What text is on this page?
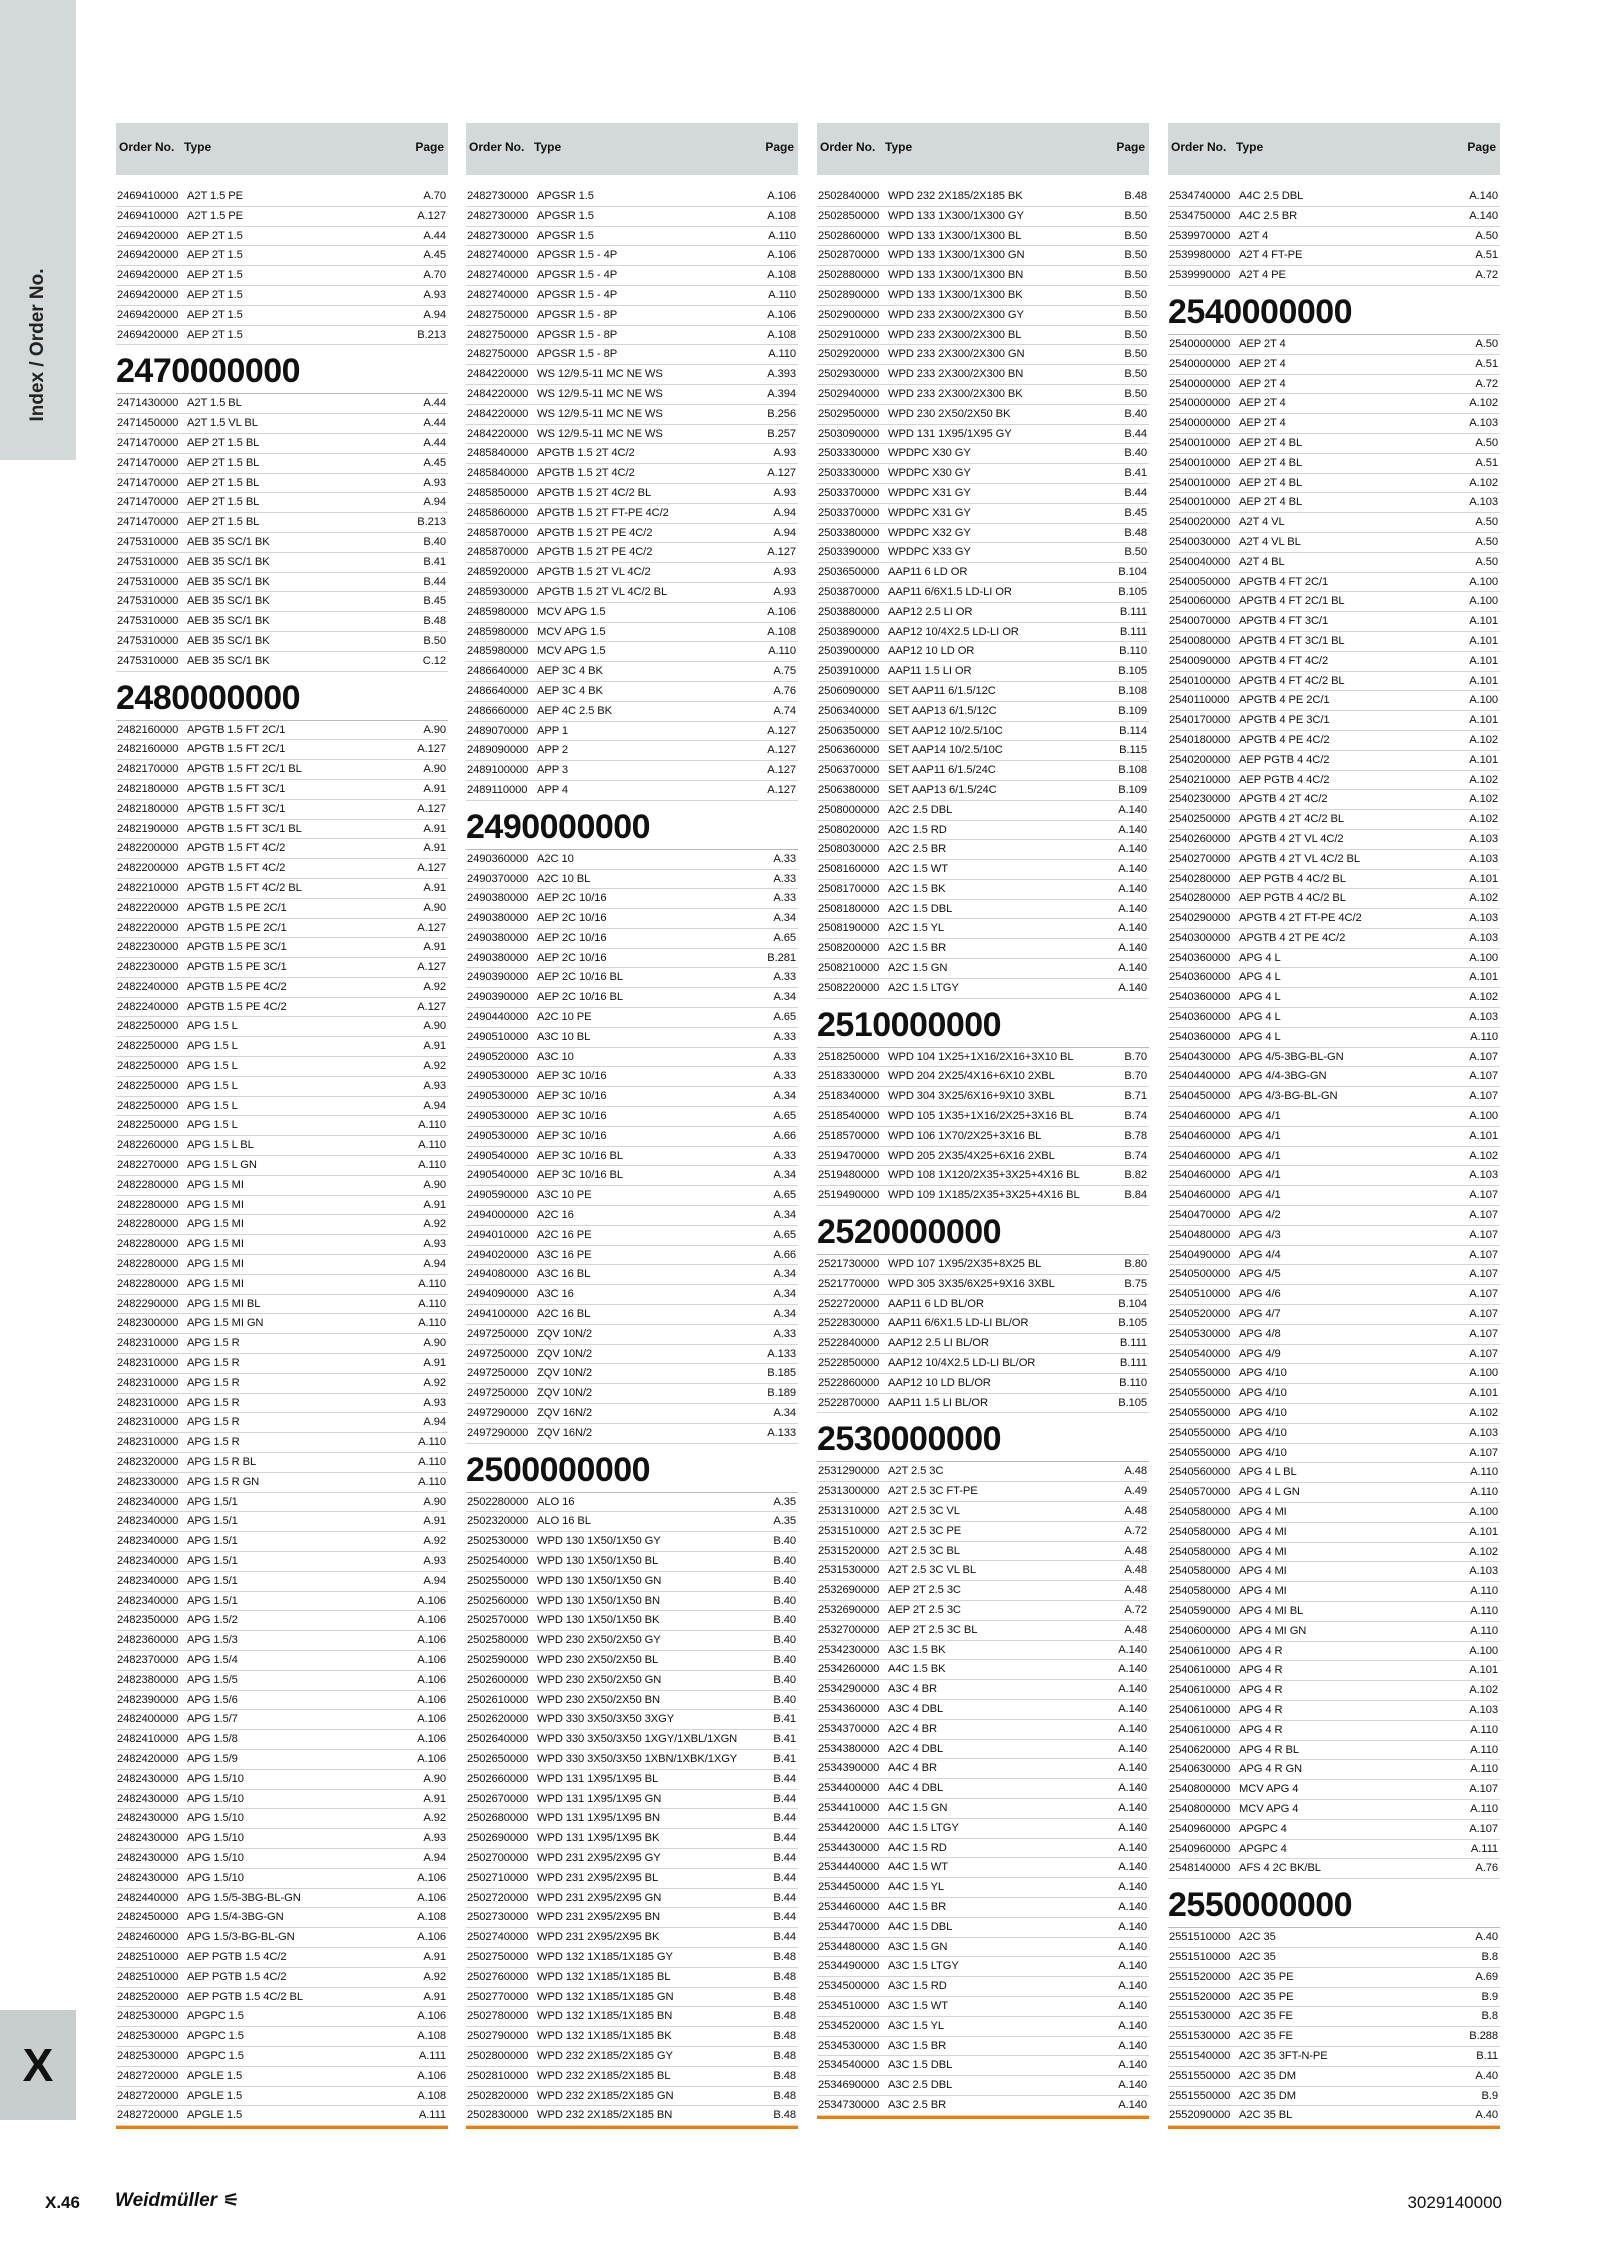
Index / Order No.
X
Order No. Type	Page
2469410000 A2T 1.5 PE	A.70
2469410000 A2T 1.5 PE	A.127
2469420000 AEP 2T 1.5	A.44
2469420000 AEP 2T 1.5	A.45
2469420000 AEP 2T 1.5	A.70
2469420000 AEP 2T 1.5	A.93
2469420000 AEP 2T 1.5	A.94
2469420000 AEP 2T 1.5	B.213
2470000000
2471430000 A2T 1.5 BL	A.44
2471450000 A2T 1.5 VL BL	A.44
2471470000 AEP 2T 1.5 BL	A.44
2471470000 AEP 2T 1.5 BL	A.45
2471470000 AEP 2T 1.5 BL	A.93
2471470000 AEP 2T 1.5 BL	A.94
2471470000 AEP 2T 1.5 BL	B.213
2475310000 AEB 35 SC/1 BK	B.40
2475310000 AEB 35 SC/1 BK	B.41
2475310000 AEB 35 SC/1 BK	B.44
2475310000 AEB 35 SC/1 BK	B.45
2475310000 AEB 35 SC/1 BK	B.48
2475310000 AEB 35 SC/1 BK	B.50
2475310000 AEB 35 SC/1 BK	C.12
2480000000
2482160000 APGTB 1.5 FT 2C/1	A.90
2482160000 APGTB 1.5 FT 2C/1	A.127
2482170000 APGTB 1.5 FT 2C/1 BL	A.90
2482180000 APGTB 1.5 FT 3C/1	A.91
2482180000 APGTB 1.5 FT 3C/1	A.127
2482190000 APGTB 1.5 FT 3C/1 BL	A.91
2482200000 APGTB 1.5 FT 4C/2	A.91
2482200000 APGTB 1.5 FT 4C/2	A.127
2482210000 APGTB 1.5 FT 4C/2 BL	A.91
2482220000 APGTB 1.5 PE 2C/1	A.90
2482220000 APGTB 1.5 PE 2C/1	A.127
2482230000 APGTB 1.5 PE 3C/1	A.91
2482230000 APGTB 1.5 PE 3C/1	A.127
2482240000 APGTB 1.5 PE 4C/2	A.92
2482240000 APGTB 1.5 PE 4C/2	A.127
2482250000 APG 1.5 L	A.90
2482250000 APG 1.5 L	A.91
2482250000 APG 1.5 L	A.92
2482250000 APG 1.5 L	A.93
2482250000 APG 1.5 L	A.94
2482250000 APG 1.5 L	A.110
2482260000 APG 1.5 L BL	A.110
2482270000 APG 1.5 L GN	A.110
2482280000 APG 1.5 MI	A.90
2482280000 APG 1.5 MI	A.91
2482280000 APG 1.5 MI	A.92
2482280000 APG 1.5 MI	A.93
2482280000 APG 1.5 MI	A.94
2482280000 APG 1.5 MI	A.110
2482290000 APG 1.5 MI BL	A.110
2482300000 APG 1.5 MI GN	A.110
2482310000 APG 1.5 R	A.90
2482310000 APG 1.5 R	A.91
2482310000 APG 1.5 R	A.92
2482310000 APG 1.5 R	A.93
2482310000 APG 1.5 R	A.94
2482310000 APG 1.5 R	A.110
2482320000 APG 1.5 R BL	A.110
2482330000 APG 1.5 R GN	A.110
2482340000 APG 1.5/1	A.90
2482340000 APG 1.5/1	A.91
2482340000 APG 1.5/1	A.92
2482340000 APG 1.5/1	A.93
2482340000 APG 1.5/1	A.94
2482340000 APG 1.5/1	A.106
2482350000 APG 1.5/2	A.106
2482360000 APG 1.5/3	A.106
2482370000 APG 1.5/4	A.106
2482380000 APG 1.5/5	A.106
2482390000 APG 1.5/6	A.106
2482400000 APG 1.5/7	A.106
2482410000 APG 1.5/8	A.106
2482420000 APG 1.5/9	A.106
2482430000 APG 1.5/10	A.90
2482430000 APG 1.5/10	A.91
2482430000 APG 1.5/10	A.92
2482430000 APG 1.5/10	A.93
2482430000 APG 1.5/10	A.94
2482430000 APG 1.5/10	A.106
2482440000 APG 1.5/5-3BG-BL-GN	A.106
2482450000 APG 1.5/4-3BG-GN	A.108
2482460000 APG 1.5/3-BG-BL-GN	A.106
2482510000 AEP PGTB 1.5 4C/2	A.91
2482510000 AEP PGTB 1.5 4C/2	A.92
2482520000 AEP PGTB 1.5 4C/2 BL	A.91
2482530000 APGPC 1.5	A.106
2482530000 APGPC 1.5	A.108
2482530000 APGPC 1.5	A.111
2482720000 APGLE 1.5	A.106
2482720000 APGLE 1.5	A.108
2482720000 APGLE 1.5	A.111
Order No. Type	Page
2482730000 APGSR 1.5	A.106
2482730000 APGSR 1.5	A.108
2482730000 APGSR 1.5	A.110
2482740000 APGSR 1.5 - 4P	A.106
2482740000 APGSR 1.5 - 4P	A.108
2482740000 APGSR 1.5 - 4P	A.110
2482750000 APGSR 1.5 - 8P	A.106
2482750000 APGSR 1.5 - 8P	A.108
2482750000 APGSR 1.5 - 8P	A.110
2484220000 WS 12/9.5-11 MC NE WS	A.393
2484220000 WS 12/9.5-11 MC NE WS	A.394
2484220000 WS 12/9.5-11 MC NE WS	B.256
2484220000 WS 12/9.5-11 MC NE WS	B.257
2485840000 APGTB 1.5 2T 4C/2	A.93
2485840000 APGTB 1.5 2T 4C/2	A.127
2485850000 APGTB 1.5 2T 4C/2 BL	A.93
2485860000 APGTB 1.5 2T FT-PE 4C/2	A.94
2485870000 APGTB 1.5 2T PE 4C/2	A.94
2485870000 APGTB 1.5 2T PE 4C/2	A.127
2485920000 APGTB 1.5 2T VL 4C/2	A.93
2485930000 APGTB 1.5 2T VL 4C/2 BL	A.93
2485980000 MCV APG 1.5	A.106
2485980000 MCV APG 1.5	A.108
2485980000 MCV APG 1.5	A.110
2486640000 AEP 3C 4 BK	A.75
2486640000 AEP 3C 4 BK	A.76
2486660000 AEP 4C 2.5 BK	A.74
2489070000 APP 1	A.127
2489090000 APP 2	A.127
2489100000 APP 3	A.127
2489110000 APP 4	A.127
2490000000
2490360000 A2C 10	A.33
2490370000 A2C 10 BL	A.33
2490380000 AEP 2C 10/16	A.33
2490380000 AEP 2C 10/16	A.34
2490380000 AEP 2C 10/16	A.65
2490380000 AEP 2C 10/16	B.281
2490390000 AEP 2C 10/16 BL	A.33
2490390000 AEP 2C 10/16 BL	A.34
2490440000 A2C 10 PE	A.65
2490510000 A3C 10 BL	A.33
2490520000 A3C 10	A.33
2490530000 AEP 3C 10/16	A.33
2490530000 AEP 3C 10/16	A.34
2490530000 AEP 3C 10/16	A.65
2490530000 AEP 3C 10/16	A.66
2490540000 AEP 3C 10/16 BL	A.33
2490540000 AEP 3C 10/16 BL	A.34
2490590000 A3C 10 PE	A.65
2494000000 A2C 16	A.34
2494010000 A2C 16 PE	A.65
2494020000 A3C 16 PE	A.66
2494080000 A3C 16 BL	A.34
2494090000 A3C 16	A.34
2494100000 A2C 16 BL	A.34
2497250000 ZQV 10N/2	A.33
2497250000 ZQV 10N/2	A.133
2497250000 ZQV 10N/2	B.185
2497250000 ZQV 10N/2	B.189
2497290000 ZQV 16N/2	A.34
2497290000 ZQV 16N/2	A.133
2500000000
2502280000 ALO 16	A.35
2502320000 ALO 16 BL	A.35
2502530000 WPD 130 1X50/1X50 GY	B.40
2502540000 WPD 130 1X50/1X50 BL	B.40
2502550000 WPD 130 1X50/1X50 GN	B.40
2502560000 WPD 130 1X50/1X50 BN	B.40
2502570000 WPD 130 1X50/1X50 BK	B.40
2502580000 WPD 230 2X50/2X50 GY	B.40
2502590000 WPD 230 2X50/2X50 BL	B.40
2502600000 WPD 230 2X50/2X50 GN	B.40
2502610000 WPD 230 2X50/2X50 BN	B.40
2502620000 WPD 330 3X50/3X50 3XGY	B.41
2502640000 WPD 330 3X50/3X50 1XGY/1XBL/1XGN	B.41
2502650000 WPD 330 3X50/3X50 1XBN/1XBK/1XGY	B.41
2502660000 WPD 131 1X95/1X95 BL	B.44
2502670000 WPD 131 1X95/1X95 GN	B.44
2502680000 WPD 131 1X95/1X95 BN	B.44
2502690000 WPD 131 1X95/1X95 BK	B.44
2502700000 WPD 231 2X95/2X95 GY	B.44
2502710000 WPD 231 2X95/2X95 BL	B.44
2502720000 WPD 231 2X95/2X95 GN	B.44
2502730000 WPD 231 2X95/2X95 BN	B.44
2502740000 WPD 231 2X95/2X95 BK	B.44
2502750000 WPD 132 1X185/1X185 GY	B.48
2502760000 WPD 132 1X185/1X185 BL	B.48
2502770000 WPD 132 1X185/1X185 GN	B.48
2502780000 WPD 132 1X185/1X185 BN	B.48
2502790000 WPD 132 1X185/1X185 BK	B.48
2502800000 WPD 232 2X185/2X185 GY	B.48
2502810000 WPD 232 2X185/2X185 BL	B.48
2502820000 WPD 232 2X185/2X185 GN	B.48
2502830000 WPD 232 2X185/2X185 BN	B.48
Order No. Type	Page
2502840000 WPD 232 2X185/2X185 BK	B.48
2502850000 WPD 133 1X300/1X300 GY	B.50
2502860000 WPD 133 1X300/1X300 BL	B.50
2502870000 WPD 133 1X300/1X300 GN	B.50
2502880000 WPD 133 1X300/1X300 BN	B.50
2502890000 WPD 133 1X300/1X300 BK	B.50
2502900000 WPD 233 2X300/2X300 GY	B.50
2502910000 WPD 233 2X300/2X300 BL	B.50
2502920000 WPD 233 2X300/2X300 GN	B.50
2502930000 WPD 233 2X300/2X300 BN	B.50
2502940000 WPD 233 2X300/2X300 BK	B.50
2502950000 WPD 230 2X50/2X50 BK	B.40
2503090000 WPD 131 1X95/1X95 GY	B.44
2503330000 WPDPC X30 GY	B.40
2503330000 WPDPC X30 GY	B.41
2503370000 WPDPC X31 GY	B.44
2503370000 WPDPC X31 GY	B.45
2503380000 WPDPC X32 GY	B.48
2503390000 WPDPC X33 GY	B.50
2503650000 AAP11 6 LD OR	B.104
2503870000 AAP11 6/6X1.5 LD-LI OR	B.105
2503880000 AAP12 2.5 LI OR	B.111
2503890000 AAP12 10/4X2.5 LD-LI OR	B.111
2503900000 AAP12 10 LD OR	B.110
2503910000 AAP11 1.5 LI OR	B.105
2506090000 SET AAP11 6/1.5/12C	B.108
2506340000 SET AAP13 6/1.5/12C	B.109
2506350000 SET AAP12 10/2.5/10C	B.114
2506360000 SET AAP14 10/2.5/10C	B.115
2506370000 SET AAP11 6/1.5/24C	B.108
2506380000 SET AAP13 6/1.5/24C	B.109
2508000000 A2C 2.5 DBL	A.140
2508020000 A2C 1.5 RD	A.140
2508030000 A2C 2.5 BR	A.140
2508160000 A2C 1.5 WT	A.140
2508170000 A2C 1.5 BK	A.140
2508180000 A2C 1.5 DBL	A.140
2508190000 A2C 1.5 YL	A.140
2508200000 A2C 1.5 BR	A.140
2508210000 A2C 1.5 GN	A.140
2508220000 A2C 1.5 LTGY	A.140
2510000000
2518250000 WPD 104 1X25+1X16/2X16+3X10 BL	B.70
2518330000 WPD 204 2X25/4X16+6X10 2XBL	B.70
2518340000 WPD 304 3X25/6X16+9X10 3XBL	B.71
2518540000 WPD 105 1X35+1X16/2X25+3X16 BL	B.74
2518570000 WPD 106 1X70/2X25+3X16 BL	B.78
2519470000 WPD 205 2X35/4X25+6X16 2XBL	B.74
2519480000 WPD 108 1X120/2X35+3X25+4X16 BL	B.82
2519490000 WPD 109 1X185/2X35+3X25+4X16 BL	B.84
2520000000
2521730000 WPD 107 1X95/2X35+8X25 BL	B.80
2521770000 WPD 305 3X35/6X25+9X16 3XBL	B.75
2522720000 AAP11 6 LD BL/OR	B.104
2522830000 AAP11 6/6X1.5 LD-LI BL/OR	B.105
2522840000 AAP12 2.5 LI BL/OR	B.111
2522850000 AAP12 10/4X2.5 LD-LI BL/OR	B.111
2522860000 AAP12 10 LD BL/OR	B.110
2522870000 AAP11 1.5 LI BL/OR	B.105
2530000000
2531290000 A2T 2.5 3C	A.48
2531300000 A2T 2.5 3C FT-PE	A.49
2531310000 A2T 2.5 3C VL	A.48
2531510000 A2T 2.5 3C PE	A.72
2531520000 A2T 2.5 3C BL	A.48
2531530000 A2T 2.5 3C VL BL	A.48
2532690000 AEP 2T 2.5 3C	A.48
2532690000 AEP 2T 2.5 3C	A.72
2532700000 AEP 2T 2.5 3C BL	A.48
2534230000 A3C 1.5 BK	A.140
2534260000 A4C 1.5 BK	A.140
2534290000 A3C 4 BR	A.140
2534360000 A3C 4 DBL	A.140
2534370000 A2C 4 BR	A.140
2534380000 A2C 4 DBL	A.140
2534390000 A4C 4 BR	A.140
2534400000 A4C 4 DBL	A.140
2534410000 A4C 1.5 GN	A.140
2534420000 A4C 1.5 LTGY	A.140
2534430000 A4C 1.5 RD	A.140
2534440000 A4C 1.5 WT	A.140
2534450000 A4C 1.5 YL	A.140
2534460000 A4C 1.5 BR	A.140
2534470000 A4C 1.5 DBL	A.140
2534480000 A3C 1.5 GN	A.140
2534490000 A3C 1.5 LTGY	A.140
2534500000 A3C 1.5 RD	A.140
2534510000 A3C 1.5 WT	A.140
2534520000 A3C 1.5 YL	A.140
2534530000 A3C 1.5 BR	A.140
2534540000 A3C 1.5 DBL	A.140
2534690000 A3C 2.5 DBL	A.140
2534730000 A3C 2.5 BR	A.140
Order No. Type	Page
2534740000 A4C 2.5 DBL	A.140
2534750000 A4C 2.5 BR	A.140
2539970000 A2T 4	A.50
2539980000 A2T 4 FT-PE	A.51
2539990000 A2T 4 PE	A.72
2540000000
2540000000 AEP 2T 4	A.50
2540000000 AEP 2T 4	A.51
2540000000 AEP 2T 4	A.72
2540000000 AEP 2T 4	A.102
2540000000 AEP 2T 4	A.103
2540010000 AEP 2T 4 BL	A.50
2540010000 AEP 2T 4 BL	A.51
2540010000 AEP 2T 4 BL	A.102
2540010000 AEP 2T 4 BL	A.103
2540020000 A2T 4 VL	A.50
2540030000 A2T 4 VL BL	A.50
2540040000 A2T 4 BL	A.50
2540050000 APGTB 4 FT 2C/1	A.100
2540060000 APGTB 4 FT 2C/1 BL	A.100
2540070000 APGTB 4 FT 3C/1	A.101
2540080000 APGTB 4 FT 3C/1 BL	A.101
2540090000 APGTB 4 FT 4C/2	A.101
2540100000 APGTB 4 FT 4C/2 BL	A.101
2540110000 APGTB 4 PE 2C/1	A.100
2540170000 APGTB 4 PE 3C/1	A.101
2540180000 APGTB 4 PE 4C/2	A.102
2540200000 AEP PGTB 4 4C/2	A.101
2540210000 AEP PGTB 4 4C/2	A.102
2540230000 APGTB 4 2T 4C/2	A.102
2540250000 APGTB 4 2T 4C/2 BL	A.102
2540260000 APGTB 4 2T VL 4C/2	A.103
2540270000 APGTB 4 2T VL 4C/2 BL	A.103
2540280000 AEP PGTB 4 4C/2 BL	A.101
2540280000 AEP PGTB 4 4C/2 BL	A.102
2540290000 APGTB 4 2T FT-PE 4C/2	A.103
2540300000 APGTB 4 2T PE 4C/2	A.103
2540360000 APG 4 L	A.100
2540360000 APG 4 L	A.101
2540360000 APG 4 L	A.102
2540360000 APG 4 L	A.103
2540360000 APG 4 L	A.110
2540430000 APG 4/5-3BG-BL-GN	A.107
2540440000 APG 4/4-3BG-GN	A.107
2540450000 APG 4/3-BG-BL-GN	A.107
2540460000 APG 4/1	A.100
2540460000 APG 4/1	A.101
2540460000 APG 4/1	A.102
2540460000 APG 4/1	A.103
2540460000 APG 4/1	A.107
2540470000 APG 4/2	A.107
2540480000 APG 4/3	A.107
2540490000 APG 4/4	A.107
2540500000 APG 4/5	A.107
2540510000 APG 4/6	A.107
2540520000 APG 4/7	A.107
2540530000 APG 4/8	A.107
2540540000 APG 4/9	A.107
2540550000 APG 4/10	A.100
2540550000 APG 4/10	A.101
2540550000 APG 4/10	A.102
2540550000 APG 4/10	A.103
2540550000 APG 4/10	A.107
2540560000 APG 4 L BL	A.110
2540570000 APG 4 L GN	A.110
2540580000 APG 4 MI	A.100
2540580000 APG 4 MI	A.101
2540580000 APG 4 MI	A.102
2540580000 APG 4 MI	A.103
2540580000 APG 4 MI	A.110
2540590000 APG 4 MI BL	A.110
2540600000 APG 4 MI GN	A.110
2540610000 APG 4 R	A.100
2540610000 APG 4 R	A.101
2540610000 APG 4 R	A.102
2540610000 APG 4 R	A.103
2540610000 APG 4 R	A.110
2540620000 APG 4 R BL	A.110
2540630000 APG 4 R GN	A.110
2540800000 MCV APG 4	A.107
2540800000 MCV APG 4	A.110
2540960000 APGPC 4	A.107
2540960000 APGPC 4	A.111
2548140000 AFS 4 2C BK/BL	A.76
2550000000
2551510000 A2C 35	A.40
2551510000 A2C 35	B.8
2551520000 A2C 35 PE	A.69
2551520000 A2C 35 PE	B.9
2551530000 A2C 35 FE	B.8
2551530000 A2C 35 FE	B.288
2551540000 A2C 35 3FT-N-PE	B.11
2551550000 A2C 35 DM	A.40
2551550000 A2C 35 DM	B.9
2552090000 A2C 35 BL	A.40
X.46 Weidmüller ⚟	3029140000
